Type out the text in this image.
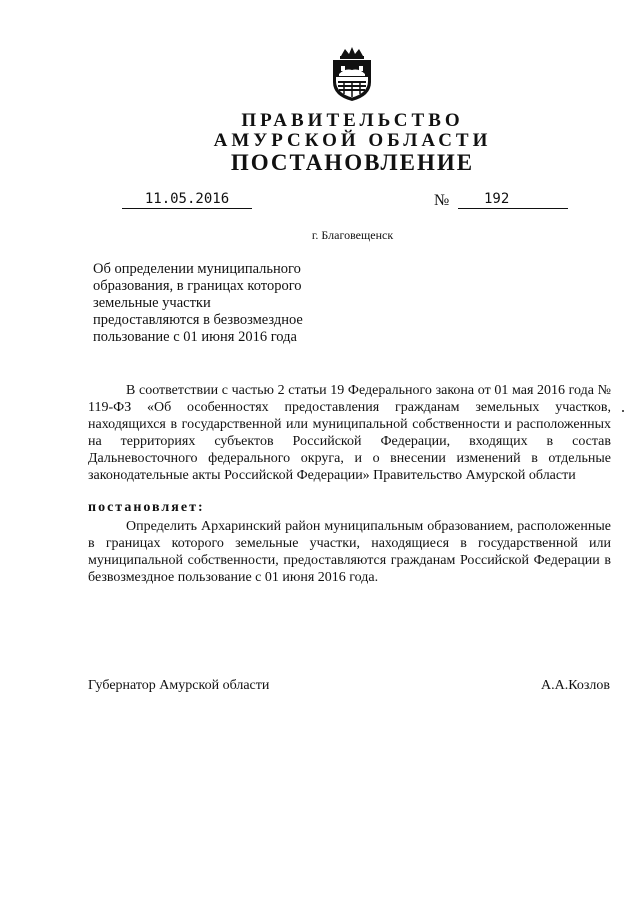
ПРАВИТЕЛЬСТВО
АМУРСКОЙ ОБЛАСТИ
ПОСТАНОВЛЕНИЕ
11.05.2016	№	192
г. Благовещенск
Об определении муниципального
образования, в границах которого
земельные участки
предоставляются в безвозмездное
пользование с 01 июня 2016 года
В соответствии с частью 2 статьи 19 Федерального закона от 01 мая 2016 года № 119-ФЗ «Об особенностях предоставления гражданам земельных участков, находящихся в государственной или муниципальной собственности и расположенных на территориях субъектов Российской Федерации, входящих в состав Дальневосточного федерального округа, и о внесении изменений в отдельные законодательные акты Российской Федерации» Правительство Амурской области
постановляет:
Определить Архаринский район муниципальным образованием, расположенные в границах которого земельные участки, находящиеся в государственной или муниципальной собственности, предоставляются гражданам Российской Федерации в безвозмездное пользование с 01 июня 2016 года.
Губернатор Амурской области	А.А.Козлов
